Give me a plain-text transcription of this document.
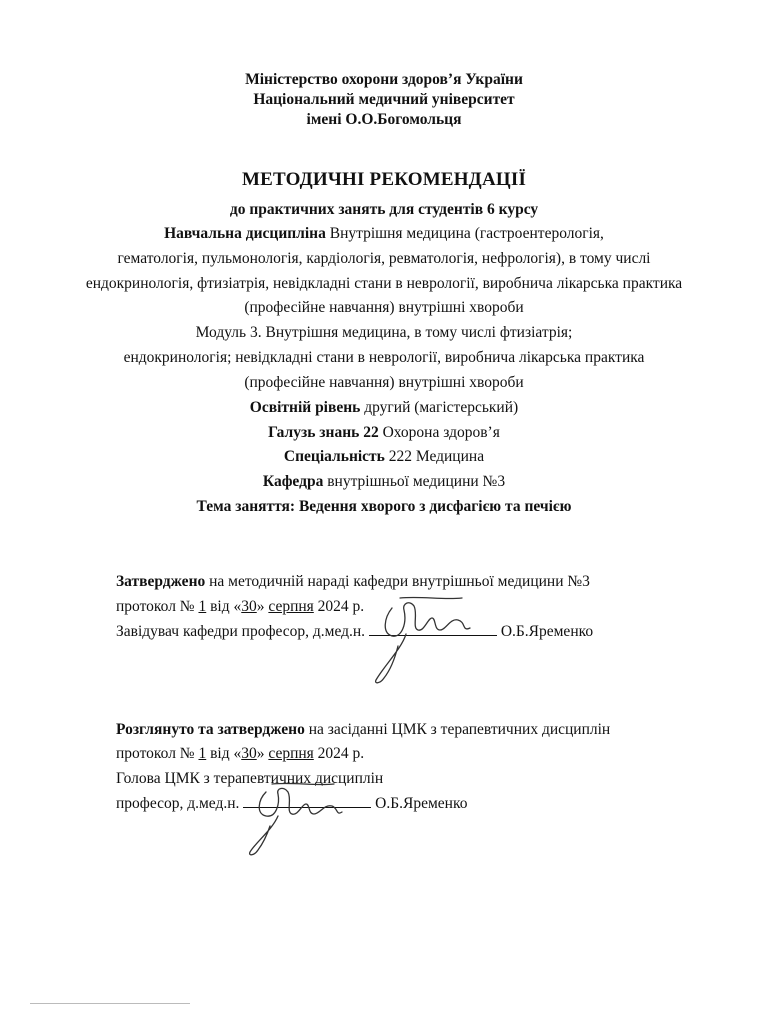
Міністерство охорони здоров’я України
Національний медичний університет
імені О.О.Богомольця
МЕТОДИЧНІ РЕКОМЕНДАЦІЇ
до практичних занять для студентів 6 курсу
Навчальна дисципліна Внутрішня медицина (гастроентерологія,
гематологія, пульмонологія, кардіологія, ревматологія, нефрологія), в тому числі
ендокринологія, фтизіатрія, невідкладні стани в неврології, виробнича лікарська практика
(професійне навчання) внутрішні хвороби
Модуль 3. Внутрішня медицина, в тому числі фтизіатрія;
ендокринологія; невідкладні стани в неврології, виробнича лікарська практика
(професійне навчання) внутрішні хвороби
Освітній рівень другий (магістерський)
Галузь знань 22 Охорона здоров’я
Спеціальність 222 Медицина
Кафедра внутрішньої медицини №3
Тема заняття: Ведення хворого з дисфагією та печією
Затверджено на методичній нараді кафедри внутрішньої медицини №3
протокол № 1 від «30» серпня 2024 р.
Завідувач кафедри професор, д.мед.н.	О.Б.Яременко
Розглянуто та затверджено на засіданні ЦМК з терапевтичних дисциплін
протокол № 1 від «30» серпня 2024 р.
Голова ЦМК з терапевтичних дисциплін
професор, д.мед.н.	О.Б.Яременко
